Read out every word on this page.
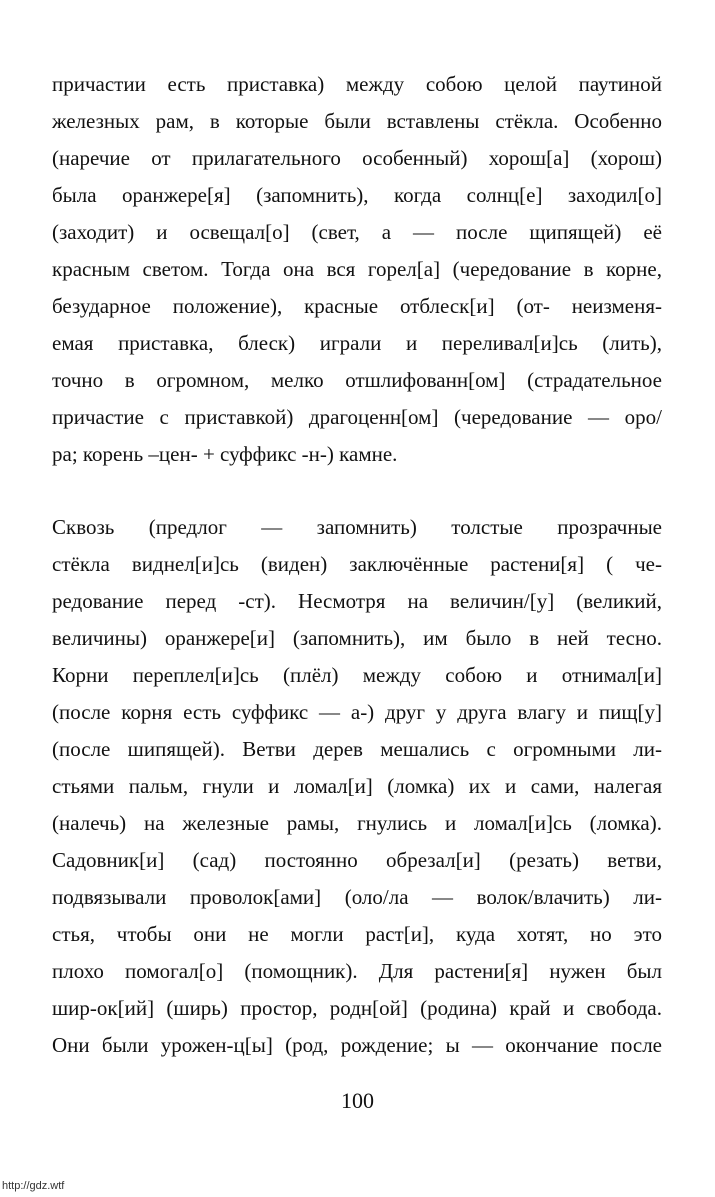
причастии есть приставка) между собою целой паутиной
железных рам, в которые были вставлены стёкла. Особенно
(наречие от прилагательного особенный) хорош[а] (хорош)
была оранжере[я] (запомнить), когда солнц[е] заходил[о]
(заходит) и освещал[о] (свет, а — после щипящей) её
красным светом. Тогда она вся горел[а] (чередование в корне,
безударное положение), красные отблеск[и] (от- неизменя-
емая приставка, блеск) играли и переливал[и]сь (лить),
точно в огромном, мелко отшлифованн[ом] (страдательное
причастие с приставкой) драгоценн[ом] (чередование — оро/
ра; корень –цен- + суффикс -н-) камне.
Сквозь (предлог — запомнить) толстые прозрачные
стёкла виднел[и]сь (виден) заключённые растени[я] ( че-
редование перед -ст). Несмотря на величин/[у] (великий,
величины) оранжере[и] (запомнить), им было в ней тесно.
Корни переплел[и]сь (плёл) между собою и отнимал[и]
(после корня есть суффикс — а-) друг у друга влагу и пищ[у]
(после шипящей). Ветви дерев мешались с огромными ли-
стьями пальм, гнули и ломал[и] (ломка) их и сами, налегая
(налечь) на железные рамы, гнулись и ломал[и]сь (ломка).
Садовник[и] (сад) постоянно обрезал[и] (резать) ветви,
подвязывали проволок[ами] (оло/ла — волок/влачить) ли-
стья, чтобы они не могли раст[и], куда хотят, но это
плохо помогал[о] (помощник). Для растени[я] нужен был
шир-ок[ий] (ширь) простор, родн[ой] (родина) край и свобода.
Они были урожен-ц[ы] (род, рождение; ы — окончание после
100
http://gdz.wtf
